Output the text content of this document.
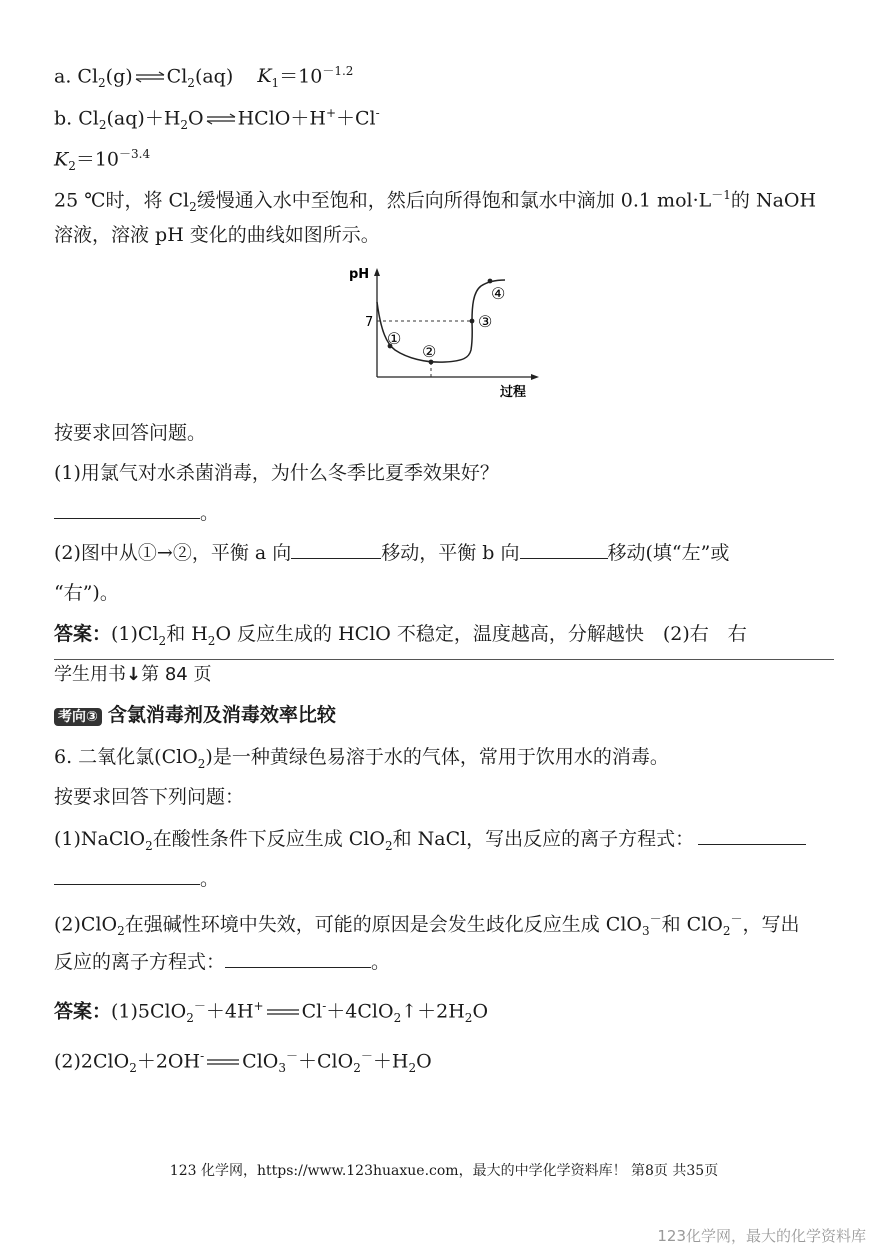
a. $Cl_2(g)$ ⇌ $Cl_2(aq)$ $K_1=10^{-1.2}$
b. $Cl_2(aq)+H_2O$ ⇌ HClO＋H+＋Cl-
$K_2=10^{-3.4}$
25 ℃时，将 $Cl_2$缓慢通入水中至饱和，然后向所得饱和氯水中滴加 0.1 $mol\cdot L^{-1}$的 NaOH
溶液，溶液 pH 变化的曲线如图所示。
pH
过程
7
①
②
③
④
按要求回答问题。
(1)用氯气对水杀菌消毒，为什么冬季比夏季效果好？
。
(2)图中从①→②，平衡 a 向	移动，平衡 b 向	移动(填“左”或
“右”)。
答案：$(1)Cl_2$和 $H_2O$ 反应生成的 HClO 不稳定，温度越高，分解越快　(2)右　右
学生用书↓第 84 页
考向③ 含氯消毒剂及消毒效率比较
6. 二氧化氯(ClO$_2$)是一种黄绿色易溶于水的气体，常用于饮用水的消毒。
按要求回答下列问题：
(1)NaClO$_2$在酸性条件下反应生成 ClO$_2$和 NaCl，写出反应的离子方程式：
。
(2)ClO$_2$在强碱性环境中失效，可能的原因是会发生歧化反应生成 ClO$_3$－和 ClO$_2$－，写出
反应的离子方程式：	。
答案：(1)5ClO$_2$－＋4H+ $Cl^-+4ClO_2↑+2H_2O$
(2)2ClO$_2$＋2OH- $ClO_3^-+ClO_2^-+H_2O$
123 化学网，https://www.123huaxue.com，最大的中学化学资料库！ 第8页 共35页
123化学网，最大的化学资料库
